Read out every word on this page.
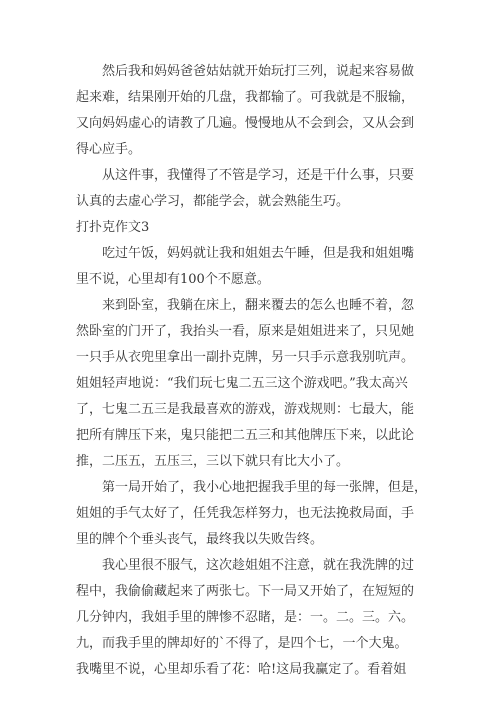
然后我和妈妈爸爸姑姑就开始玩打三列，说起来容易做
起来难，结果刚开始的几盘，我都输了。可我就是不服输，
又向妈妈虚心的请教了几遍。慢慢地从不会到会，又从会到
得心应手。
从这件事，我懂得了不管是学习，还是干什么事，只要
认真的去虚心学习，都能学会，就会熟能生巧。
打扑克作文3
吃过午饭，妈妈就让我和姐姐去午睡，但是我和姐姐嘴
里不说，心里却有100个不愿意。
来到卧室，我躺在床上，翻来覆去的怎么也睡不着，忽
然卧室的门开了，我抬头一看，原来是姐姐进来了，只见她
一只手从衣兜里拿出一副扑克牌，另一只手示意我别吭声。
姐姐轻声地说：“我们玩七鬼二五三这个游戏吧。”我太高兴
了，七鬼二五三是我最喜欢的游戏，游戏规则：七最大，能
把所有牌压下来，鬼只能把二五三和其他牌压下来，以此论
推，二压五，五压三，三以下就只有比大小了。
第一局开始了，我小心地把握我手里的每一张牌，但是，
姐姐的手气太好了，任凭我怎样努力，也无法挽救局面，手
里的牌个个垂头丧气，最终我以失败告终。
我心里很不服气，这次趁姐姐不注意，就在我洗牌的过
程中，我偷偷藏起来了两张七。下一局又开始了，在短短的
几分钟内，我姐手里的牌惨不忍睹，是：一。二。三。六。
九，而我手里的牌却好的`不得了，是四个七，一个大鬼。
我嘴里不说，心里却乐看了花：哈!这局我赢定了。看着姐
